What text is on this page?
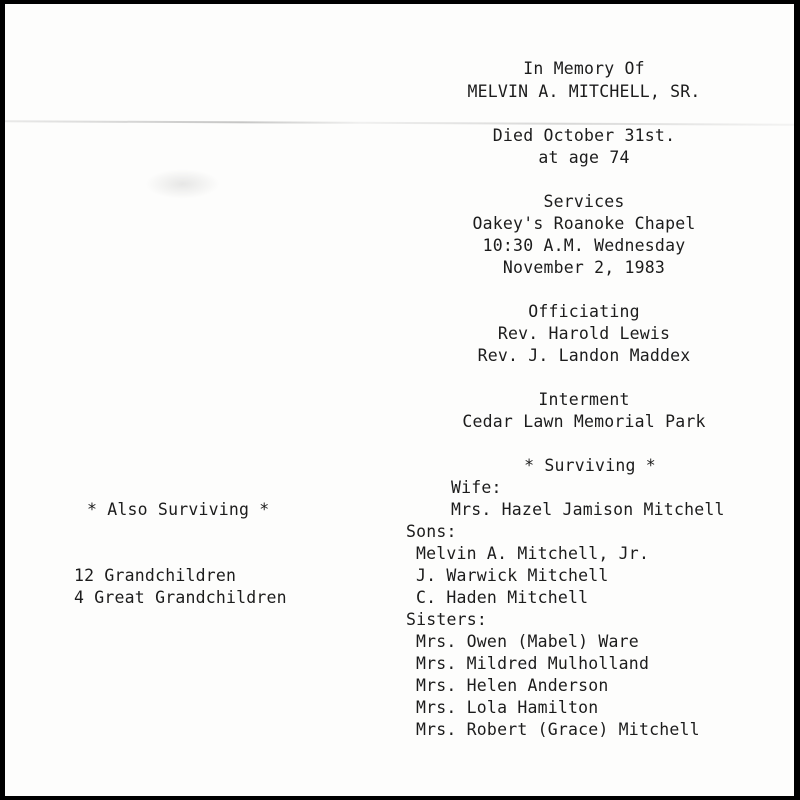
In Memory Of
MELVIN A. MITCHELL, SR.
Died October 31st.
at age 74
Services
Oakey's Roanoke Chapel
10:30 A.M. Wednesday
November 2, 1983
Officiating
Rev. Harold Lewis
Rev. J. Landon Maddex
Interment
Cedar Lawn Memorial Park
* Surviving *
Wife:
Mrs. Hazel Jamison Mitchell
Sons:
Melvin A. Mitchell, Jr.
J. Warwick Mitchell
C. Haden Mitchell
Sisters:
Mrs. Owen (Mabel) Ware
Mrs. Mildred Mulholland
Mrs. Helen Anderson
Mrs. Lola Hamilton
Mrs. Robert (Grace) Mitchell
* Also Surviving *
12 Grandchildren
4 Great Grandchildren
